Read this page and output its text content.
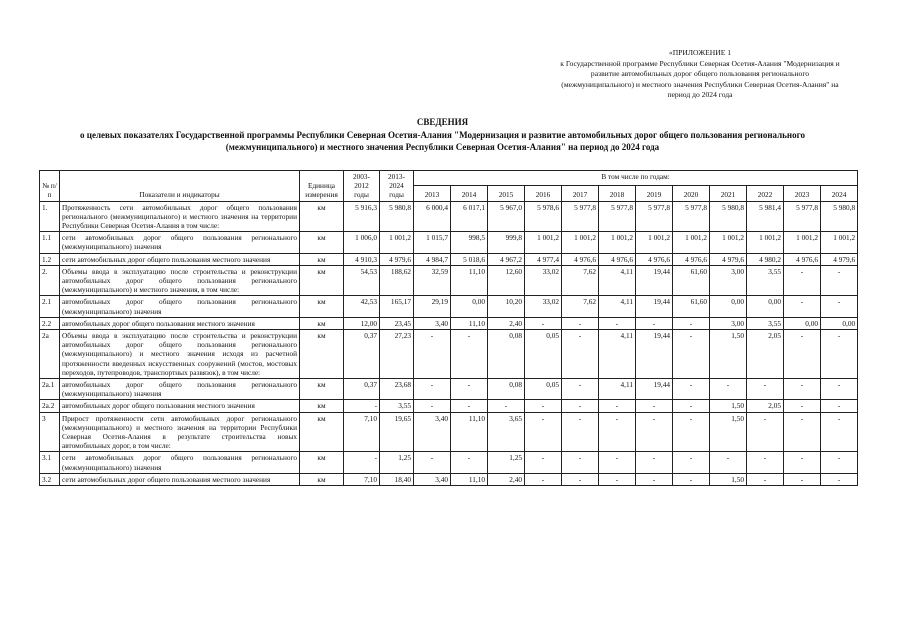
«ПРИЛОЖЕНИЕ 1
к Государственной программе Республики Северная Осетия-Алания "Модернизация и
развитие автомобильных дорог общего пользования регионального
(межмуниципального) и местного значения Республики Северная Осетия-Алания" на
период до 2024 года
СВЕДЕНИЯ
о целевых показателях Государственной программы Республики Северная Осетия-Алания "Модернизация и развитие автомобильных дорог общего пользования регионального
(межмуниципального) и местного значения Республики Северная Осетия-Алания" на период до 2024 года
№ п/п	Показатели и индикаторы	Единица измерения	2003-2012 годы	2013-2024 годы	В том числе по годам:											
					2013	2014	2015	2016	2017	2018	2019	2020	2021	2022	2023	2024
1.	Протяженность сети автомобильных дорог общего пользования регионального (межмуниципального) и местного значения на территории Республики Северная Осетия-Алания в том числе:	км	5 916,3	5 980,8	6 000,4	6 017,1	5 967,0	5 978,6	5 977,8	5 977,8	5 977,8	5 977,8	5 980,8	5 981,4	5 977,8	5 980,8
1.1	сети автомобильных дорог общего пользования регионального (межмуниципального) значения	км	1 006,0	1 001,2	1 015,7	998,5	999,8	1 001,2	1 001,2	1 001,2	1 001,2	1 001,2	1 001,2	1 001,2	1 001,2	1 001,2
1.2	сети автомобильных дорог общего пользования местного значения	км	4 910,3	4 979,6	4 984,7	5 018,6	4 967,2	4 977,4	4 976,6	4 976,6	4 976,6	4 976,6	4 979,6	4 980,2	4 976,6	4 979,6
2.	Объемы ввода в эксплуатацию после строительства и реконструкции автомобильных дорог общего пользования регионального (межмуниципального) и местного значения, в том числе:	км	54,53	188,62	32,59	11,10	12,60	33,02	7,62	4,11	19,44	61,60	3,00	3,55	-	-
2.1	автомобильных дорог общего пользования регионального (межмуниципального) значения	км	42,53	165,17	29,19	0,00	10,20	33,02	7,62	4,11	19,44	61,60	0,00	0,00	-	-
2.2	автомобильных дорог общего пользования местного значения	км	12,00	23,45	3,40	11,10	2,40	-	-	-	-	-	3,00	3,55	0,00	0,00
2а	Объемы ввода в эксплуатацию после строительства и реконструкции автомобильных дорог общего пользования регионального (межмуниципального) и местного значения исходя из расчетной протяженности введенных искусственных сооружений (мостов, мостовых переходов, путепроводов, транспортных развязок), в том числе:	км	0,37	27,23	-	-	0,08	0,05	-	4,11	19,44	-	1,50	2,05	-	-
2а.1	автомобильных дорог общего пользования регионального (межмуниципального) значения	км	0,37	23,68	-	-	0,08	0,05	-	4,11	19,44	-	-	-	-	-
2а.2	автомобильных дорог общего пользования местного значения	км	-	3,55	-	-	-	-	-	-	-	-	1,50	2,05	-	-
3	Прирост протяженности сети автомобильных дорог регионального (межмуниципального) и местного значения на территории Республики Северная Осетия-Алания в результате строительства новых автомобильных дорог, в том числе:	км	7,10	19,65	3,40	11,10	3,65	-	-	-	-	-	1,50	-	-	-
3.1	сети автомобильных дорог общего пользования регионального (межмуниципального) значения	км	-	1,25	-	-	1,25	-	-	-	-	-	-	-	-	-
3.2	сети автомобильных дорог общего пользования местного значения	км	7,10	18,40	3,40	11,10	2,40	-	-	-	-	-	1,50	-	-	-
